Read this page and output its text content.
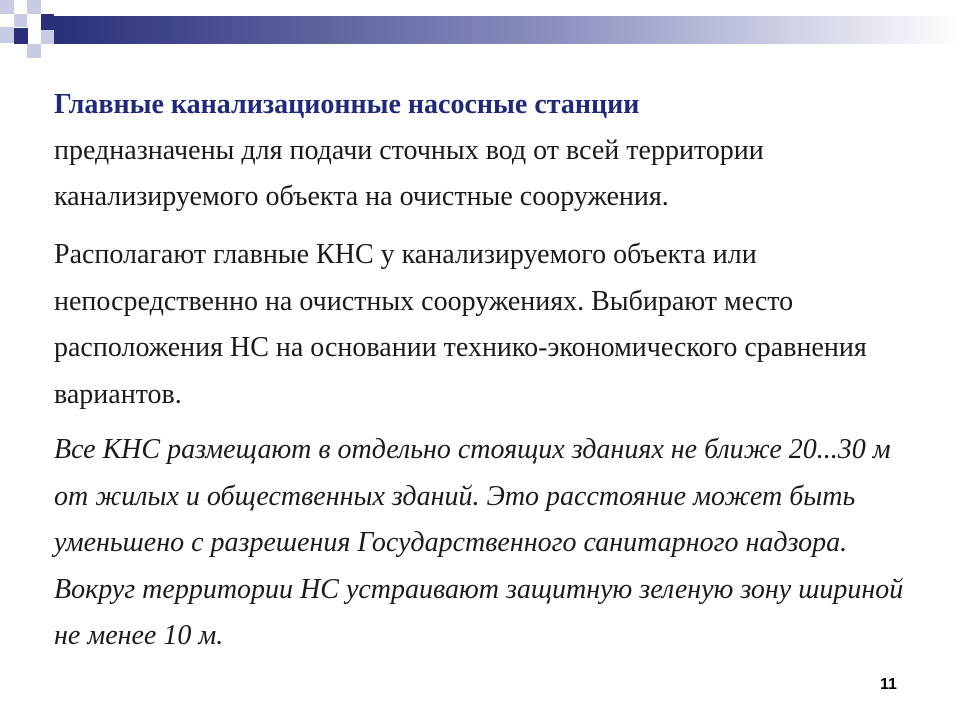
Главные канализационные насосные станции
предназначены для подачи сточных вод от всей территории канализируемого объекта на очистные сооружения.

Располагают главные КНС у канализируемого объекта или непосредственно на очистных сооружениях. Выбирают место расположения НС на основании технико-экономического сравнения вариантов.

Все КНС размещают в отдельно стоящих зданиях не ближе 20...30 м от жилых и общественных зданий. Это расстояние может быть уменьшено с разрешения Государственного санитарного надзора. Вокруг территории НС устраивают защитную зеленую зону шириной не менее 10 м.

11
